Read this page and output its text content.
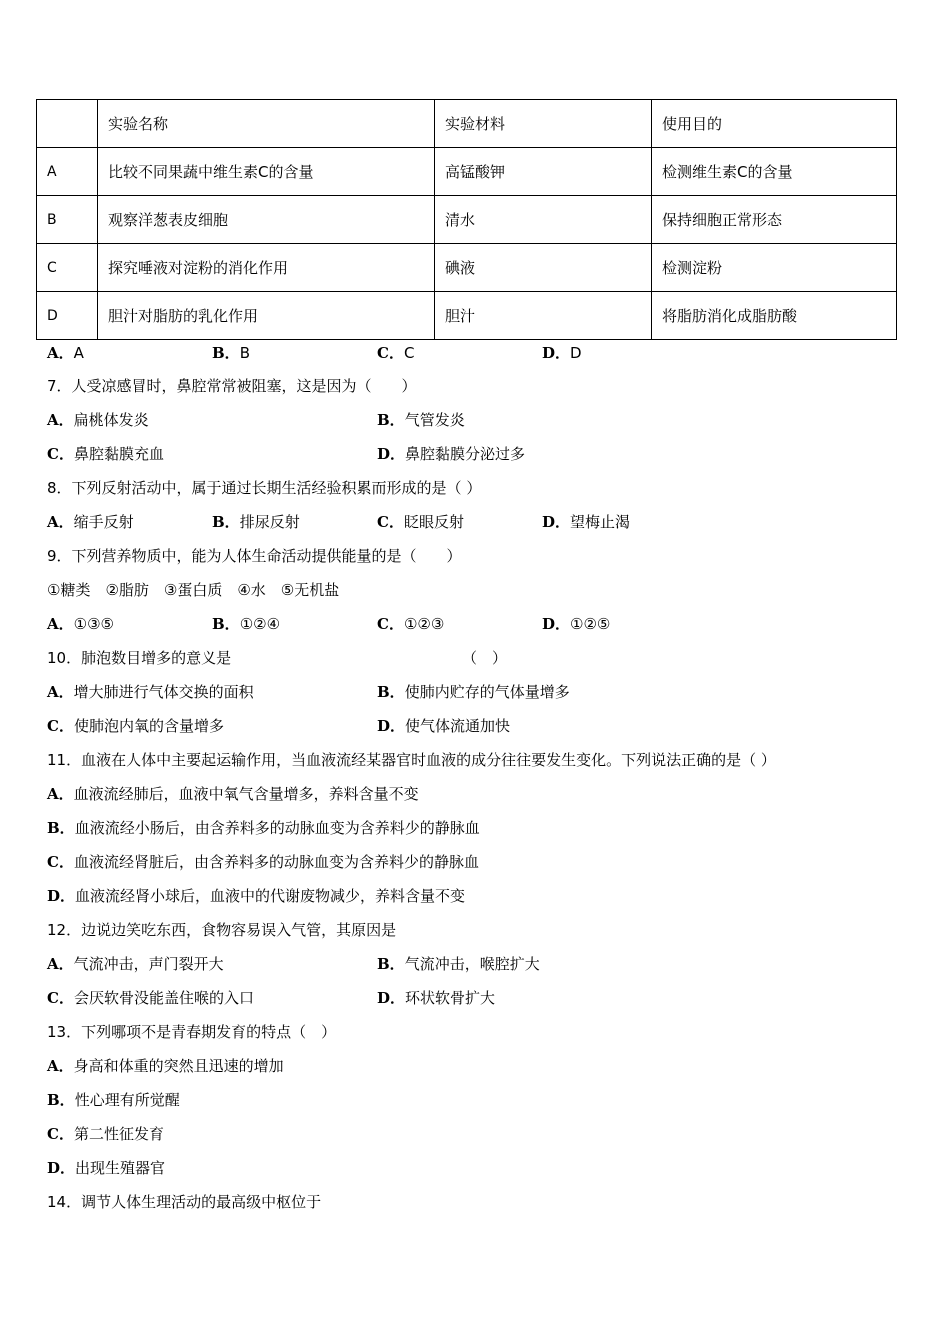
	实验名称	实验材料	使用目的
A	比较不同果蔬中维生素C的含量	高锰酸钾	检测维生素C的含量
B	观察洋葱表皮细胞	清水	保持细胞正常形态
C	探究唾液对淀粉的消化作用	碘液	检测淀粉
D	胆汁对脂肪的乳化作用	胆汁	将脂肪消化成脂肪酸
A．A	B．B	C．C	D．D
7．人受凉感冒时，鼻腔常常被阻塞，这是因为（　　）
A．扁桃体发炎	B．气管发炎
C．鼻腔黏膜充血	D．鼻腔黏膜分泌过多
8．下列反射活动中，属于通过长期生活经验积累而形成的是（ ）
A．缩手反射	B．排尿反射	C．眨眼反射	D．望梅止渴
9．下列营养物质中，能为人体生命活动提供能量的是（　　）
①糖类　②脂肪　③蛋白质　④水　⑤无机盐
A．①③⑤	B．①②④	C．①②③	D．①②⑤
10．肺泡数目增多的意义是	（　）
A．增大肺进行气体交换的面积	B．使肺内贮存的气体量增多
C．使肺泡内氧的含量增多	D．使气体流通加快
11．血液在人体中主要起运输作用，当血液流经某器官时血液的成分往往要发生变化。下列说法正确的是（ ）
A．血液流经肺后，血液中氧气含量增多，养料含量不变
B．血液流经小肠后，由含养料多的动脉血变为含养料少的静脉血
C．血液流经肾脏后，由含养料多的动脉血变为含养料少的静脉血
D．血液流经肾小球后，血液中的代谢废物减少，养料含量不变
12．边说边笑吃东西，食物容易误入气管，其原因是
A．气流冲击，声门裂开大	B．气流冲击，喉腔扩大
C．会厌软骨没能盖住喉的入口	D．环状软骨扩大
13．下列哪项不是青春期发育的特点（　）
A．身高和体重的突然且迅速的增加
B．性心理有所觉醒
C．第二性征发育
D．出现生殖器官
14．调节人体生理活动的最高级中枢位于
